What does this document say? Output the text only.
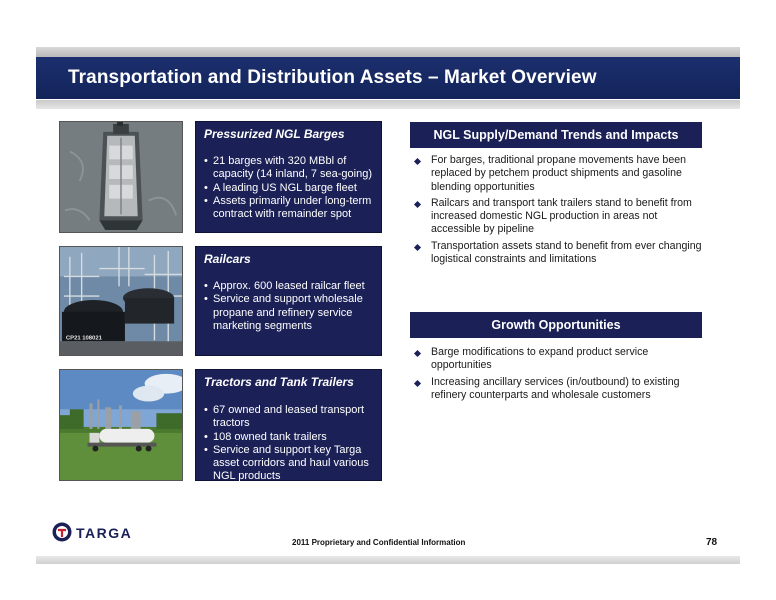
Transportation and Distribution Assets – Market Overview
Pressurized NGL Barges
• 21 barges with 320 MBbl of capacity (14 inland, 7 sea-going)
• A leading US NGL barge fleet
• Assets primarily under long-term contract with remainder spot
CP21 108021
Railcars
• Approx. 600 leased railcar fleet
• Service and support wholesale propane and refinery service marketing segments
Tractors and Tank Trailers
• 67 owned and leased transport tractors
• 108 owned tank trailers
• Service and support key Targa asset corridors and haul various NGL products
NGL Supply/Demand Trends and Impacts
For barges, traditional propane movements have been replaced by petchem product shipments and gasoline blending opportunities
Railcars and transport tank trailers stand to benefit from increased domestic NGL production in areas not accessible by pipeline
Transportation assets stand to benefit from ever changing logistical constraints and limitations
Growth Opportunities
Barge modifications to expand product service opportunities
Increasing ancillary services (in/outbound) to existing refinery counterparts and wholesale customers
TARGA
2011 Proprietary and Confidential Information	78
